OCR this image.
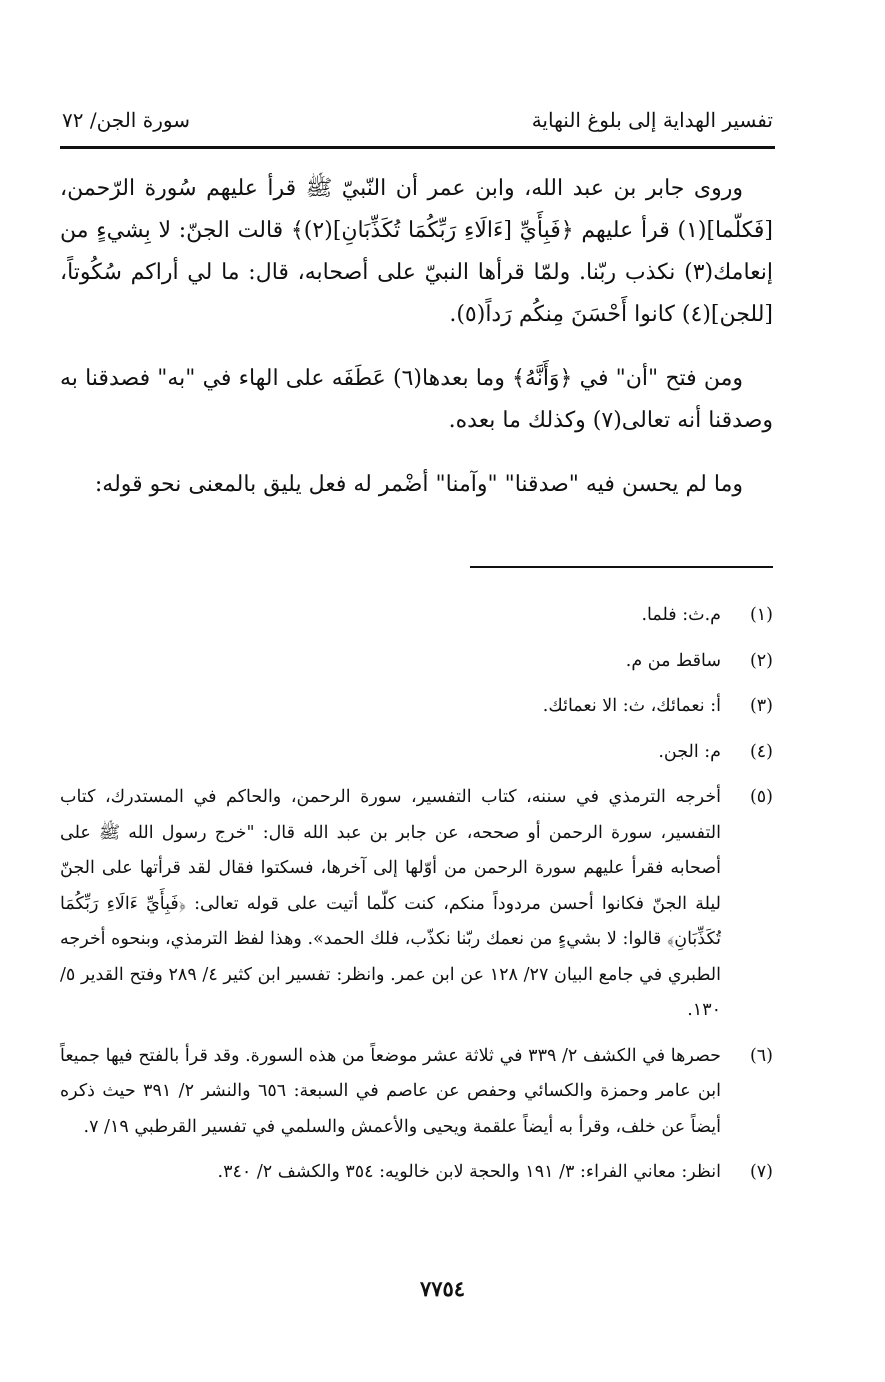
تفسير الهداية إلى بلوغ النهاية
سورة الجن/ ٧٢

وروى جابر بن عبد الله، وابن عمر أن النّبيّ ﷺ قرأ عليهم سُورة الرّحمن، [فَكلّما](١) قرأ عليهم ﴿فَبِأَيِّ [ءَالَاءِ رَبِّكُمَا تُكَذِّبَانِ](٢)﴾ قالت الجنّ: لا بِشيءٍ من إنعامك(٣) نكذب ربّنا. ولمّا قرأها النبيّ على أصحابه، قال: ما لي أراكم سُكُوتاً، [للجن](٤) كانوا أَحْسَنَ مِنكُم رَداً(٥).

ومن فتح "أن" في ﴿وَأَنَّهُ﴾ وما بعدها(٦) عَطَفَه على الهاء في "به" فصدقنا به وصدقنا أنه تعالى(٧) وكذلك ما بعده.

وما لم يحسن فيه "صدقنا" "وآمنا" أضْمر له فعل يليق بالمعنى نحو قوله:

(١)
م.ث: فلما.
(٢)
ساقط من م.
(٣)
أ: نعمائك، ث: الا نعمائك.
(٤)
م: الجن.
(٥)
أخرجه الترمذي في سننه، كتاب التفسير، سورة الرحمن، والحاكم في المستدرك، كتاب التفسير، سورة الرحمن أو صححه، عن جابر بن عبد الله قال: "خرج رسول الله ﷺ على أصحابه فقرأ عليهم سورة الرحمن من أوّلها إلى آخرها، فسكتوا فقال لقد قرأتها على الجنّ ليلة الجنّ فكانوا أحسن مردوداً منكم، كنت كلّما أتيت على قوله تعالى: ﴿فَبِأَيِّ ءَالَاءِ رَبِّكُمَا تُكَذِّبَانِ﴾ قالوا: لا بشيءٍ من نعمك ربّنا نكذّب، فلك الحمد». وهذا لفظ الترمذي، وبنحوه أخرجه الطبري في جامع البيان ٢٧/ ١٢٨ عن ابن عمر. وانظر: تفسير ابن كثير ٤/ ٢٨٩ وفتح القدير ٥/ ١٣٠.
(٦)
حصرها في الكشف ٢/ ٣٣٩ في ثلاثة عشر موضعاً من هذه السورة. وقد قرأ بالفتح فيها جميعاً ابن عامر وحمزة والكسائي وحفص عن عاصم في السبعة: ٦٥٦ والنشر ٢/ ٣٩١ حيث ذكره أيضاً عن خلف، وقرأ به أيضاً علقمة ويحيى والأعمش والسلمي في تفسير القرطبي ١٩/ ٧.
(٧)
انظر: معاني الفراء: ٣/ ١٩١ والحجة لابن خالويه: ٣٥٤ والكشف ٢/ ٣٤٠.
٧٧٥٤
